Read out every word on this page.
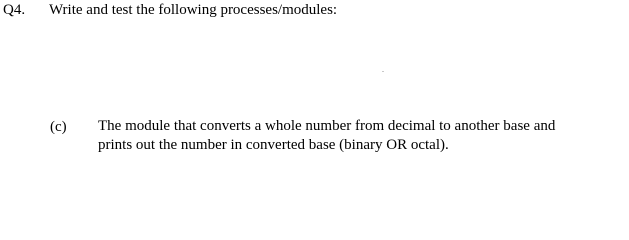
Q4. Write and test the following processes/modules:
(c) The module that converts a whole number from decimal to another base and
prints out the number in converted base (binary OR octal).
